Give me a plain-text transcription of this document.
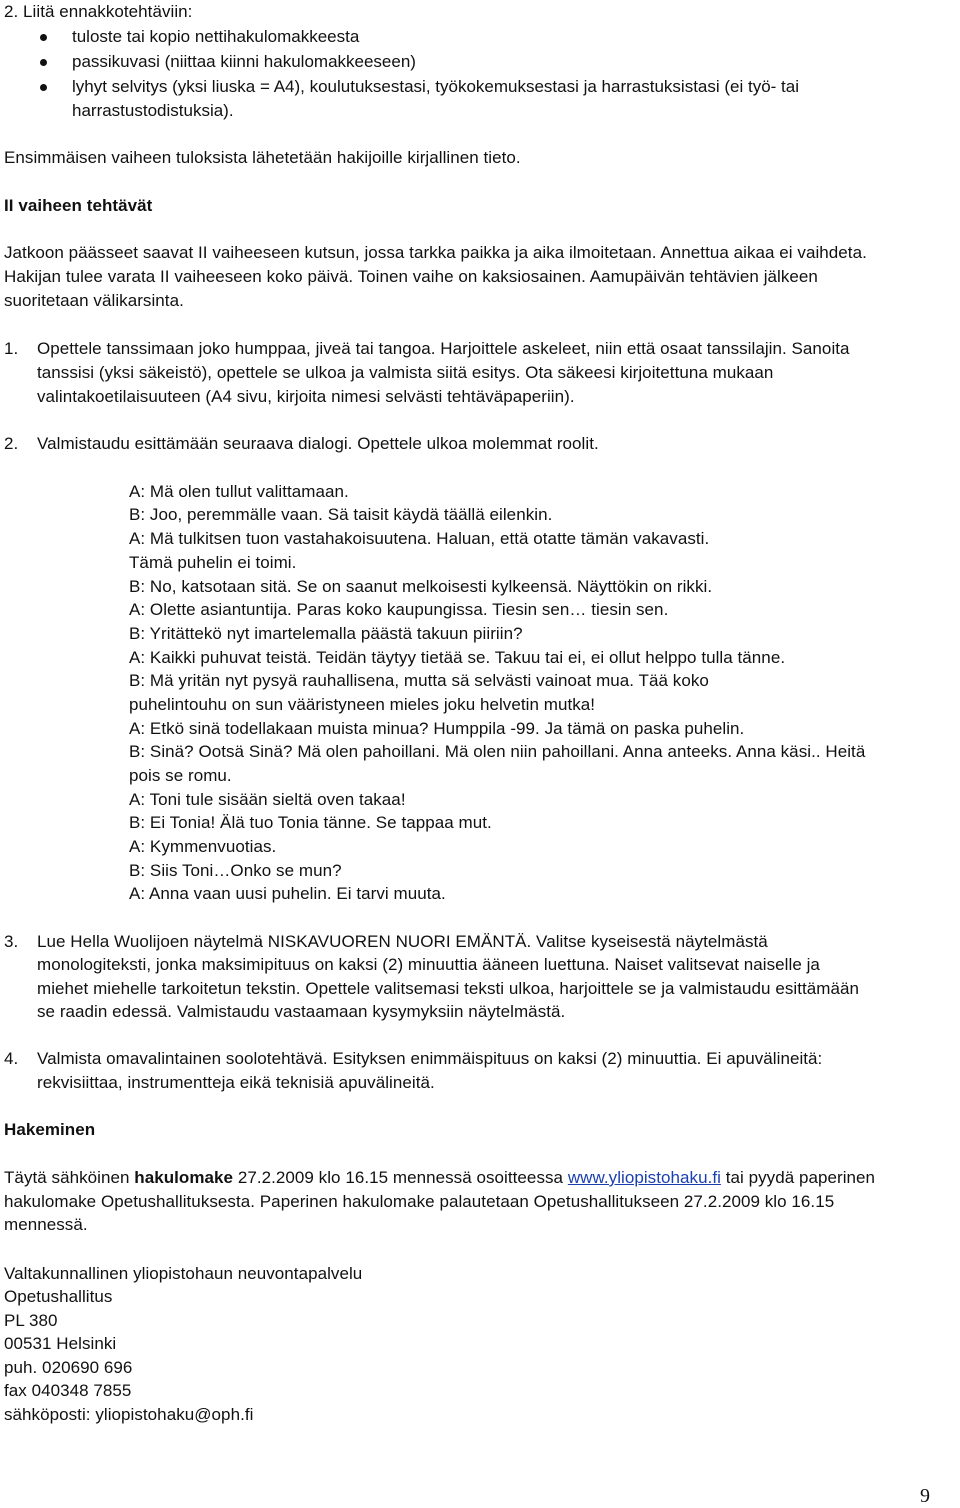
2. Liitä ennakkotehtäviin:
tuloste tai kopio nettihakulomakkeesta
passikuvasi (niittaa kiinni hakulomakkeeseen)
lyhyt selvitys (yksi liuska = A4), koulutuksestasi, työkokemuksestasi ja harrastuksistasi (ei työ- tai
harrastustodistuksia).
Ensimmäisen vaiheen tuloksista lähetetään hakijoille kirjallinen tieto.
II vaiheen tehtävät
Jatkoon päässeet saavat II vaiheeseen kutsun, jossa tarkka paikka ja aika ilmoitetaan. Annettua aikaa ei vaihdeta.
Hakijan tulee varata II vaiheeseen koko päivä. Toinen vaihe on kaksiosainen. Aamupäivän tehtävien jälkeen
suoritetaan välikarsinta.
1. Opettele tanssimaan joko humppaa, jiveä tai tangoa. Harjoittele askeleet, niin että osaat tanssilajin. Sanoita
tanssisi (yksi säkeistö), opettele se ulkoa ja valmista siitä esitys. Ota säkeesi kirjoitettuna mukaan
valintakoetilaisuuteen (A4 sivu, kirjoita nimesi selvästi tehtäväpaperiin).
2. Valmistaudu esittämään seuraava dialogi. Opettele ulkoa molemmat roolit.
A: Mä olen tullut valittamaan.
B: Joo, peremmälle vaan. Sä taisit käydä täällä eilenkin.
A: Mä tulkitsen tuon vastahakoisuutena. Haluan, että otatte tämän vakavasti.
Tämä puhelin ei toimi.
B: No, katsotaan sitä. Se on saanut melkoisesti kylkeensä. Näyttökin on rikki.
A: Olette asiantuntija. Paras koko kaupungissa. Tiesin sen… tiesin sen.
B: Yritättekö nyt imartelemalla päästä takuun piiriin?
A: Kaikki puhuvat teistä. Teidän täytyy tietää se. Takuu tai ei, ei ollut helppo tulla tänne.
B: Mä yritän nyt pysyä rauhallisena, mutta sä selvästi vainoat mua. Tää koko
puhelintouhu on sun vääristyneen mieles joku helvetin mutka!
A: Etkö sinä todellakaan muista minua? Humppila -99. Ja tämä on paska puhelin.
B: Sinä? Ootsä Sinä? Mä olen pahoillani. Mä olen niin pahoillani. Anna anteeks. Anna käsi.. Heitä
pois se romu.
A: Toni tule sisään sieltä oven takaa!
B: Ei Tonia! Älä tuo Tonia tänne. Se tappaa mut.
A: Kymmenvuotias.
B: Siis Toni…Onko se mun?
A: Anna vaan uusi puhelin. Ei tarvi muuta.
3. Lue Hella Wuolijoen näytelmä NISKAVUOREN NUORI EMÄNTÄ. Valitse kyseisestä näytelmästä
monologiteksti, jonka maksimipituus on kaksi (2) minuuttia ääneen luettuna. Naiset valitsevat naiselle ja
miehet miehelle tarkoitetun tekstin. Opettele valitsemasi teksti ulkoa, harjoittele se ja valmistaudu esittämään
se raadin edessä. Valmistaudu vastaamaan kysymyksiin näytelmästä.
4. Valmista omavalintainen soolotehtävä. Esityksen enimmäispituus on kaksi (2) minuuttia. Ei apuvälineitä:
rekvisiittaa, instrumentteja eikä teknisiä apuvälineitä.
Hakeminen
Täytä sähköinen hakulomake 27.2.2009 klo 16.15 mennessä osoitteessa www.yliopistohaku.fi tai pyydä paperinen
hakulomake Opetushallituksesta. Paperinen hakulomake palautetaan Opetushallitukseen 27.2.2009 klo 16.15
mennessä.
Valtakunnallinen yliopistohaun neuvontapalvelu
Opetushallitus
PL 380
00531 Helsinki
puh. 020690 696
fax 040348 7855
sähköposti: yliopistohaku@oph.fi
9
